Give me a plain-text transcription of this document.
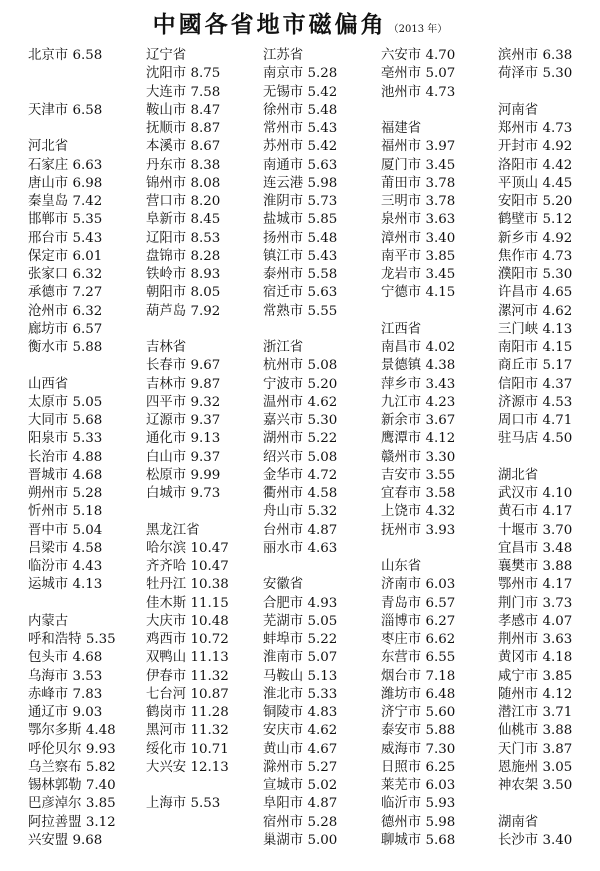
中國各省地市磁偏角 （2013 年）
北京市 6.58

天津市 6.58

河北省
石家庄 6.63
唐山市 6.98
秦皇岛 7.42
邯郸市 5.35
邢台市 5.43
保定市 6.01
张家口 6.32
承德市 7.27
沧州市 6.32
廊坊市 6.57
衡水市 5.88

山西省
太原市 5.05
大同市 5.68
阳泉市 5.33
长治市 4.88
晋城市 4.68
朔州市 5.28
忻州市 5.18
晋中市 5.04
吕梁市 4.58
临汾市 4.43
运城市 4.13

内蒙古
呼和浩特 5.35
包头市 4.68
乌海市 3.53
赤峰市 7.83
通辽市 9.03
鄂尔多斯 4.48
呼伦贝尔 9.93
乌兰察布 5.82
锡林郭勒 7.40
巴彦淖尔 3.85
阿拉善盟 3.12
兴安盟 9.68
辽宁省
沈阳市 8.75
大连市 7.58
鞍山市 8.47
抚顺市 8.87
本溪市 8.67
丹东市 8.38
锦州市 8.08
营口市 8.20
阜新市 8.45
辽阳市 8.53
盘锦市 8.28
铁岭市 8.93
朝阳市 8.05
葫芦岛 7.92

吉林省
长春市 9.67
吉林市 9.87
四平市 9.32
辽源市 9.37
通化市 9.13
白山市 9.37
松原市 9.99
白城市 9.73

黑龙江省
哈尔滨 10.47
齐齐哈 10.47
牡丹江 10.38
佳木斯 11.15
大庆市 10.48
鸡西市 10.72
双鸭山 11.13
伊春市 11.32
七台河 10.87
鹤岗市 11.28
黑河市 11.32
绥化市 10.71
大兴安 12.13

上海市 5.53
江苏省
南京市 5.28
无锡市 5.42
徐州市 5.48
常州市 5.43
苏州市 5.42
南通市 5.63
连云港 5.98
淮阴市 5.73
盐城市 5.85
扬州市 5.48
镇江市 5.43
泰州市 5.58
宿迁市 5.63
常熟市 5.55

浙江省
杭州市 5.08
宁波市 5.20
温州市 4.62
嘉兴市 5.30
湖州市 5.22
绍兴市 5.08
金华市 4.72
衢州市 4.58
舟山市 5.32
台州市 4.87
丽水市 4.63

安徽省
合肥市 4.93
芜湖市 5.05
蚌埠市 5.22
淮南市 5.07
马鞍山 5.13
淮北市 5.33
铜陵市 4.83
安庆市 4.62
黄山市 4.67
滁州市 5.27
宣城市 5.02
阜阳市 4.87
宿州市 5.28
巢湖市 5.00
六安市 4.70
亳州市 5.07
池州市 4.73

福建省
福州市 3.97
厦门市 3.45
莆田市 3.78
三明市 3.78
泉州市 3.63
漳州市 3.40
南平市 3.85
龙岩市 3.45
宁德市 4.15

江西省
南昌市 4.02
景德镇 4.38
萍乡市 3.43
九江市 4.23
新余市 3.67
鹰潭市 4.12
赣州市 3.30
吉安市 3.55
宜春市 3.58
上饶市 4.32
抚州市 3.93

山东省
济南市 6.03
青岛市 6.57
淄博市 6.27
枣庄市 6.62
东营市 6.55
烟台市 7.18
潍坊市 6.48
济宁市 5.60
泰安市 5.88
威海市 7.30
日照市 6.25
莱芜市 6.03
临沂市 5.93
德州市 5.98
聊城市 5.68
滨州市 6.38
荷泽市 5.30

河南省
郑州市 4.73
开封市 4.92
洛阳市 4.42
平顶山 4.45
安阳市 5.20
鹤壁市 5.12
新乡市 4.92
焦作市 4.73
濮阳市 5.30
许昌市 4.65
漯河市 4.62
三门峡 4.13
南阳市 4.15
商丘市 5.17
信阳市 4.37
济源市 4.53
周口市 4.71
驻马店 4.50

湖北省
武汉市 4.10
黄石市 4.17
十堰市 3.70
宜昌市 3.48
襄樊市 3.88
鄂州市 4.17
荆门市 3.73
孝感市 4.07
荆州市 3.63
黄冈市 4.18
咸宁市 3.85
随州市 4.12
潜江市 3.71
仙桃市 3.88
天门市 3.87
恩施州 3.05
神农架 3.50

湖南省
长沙市 3.40
